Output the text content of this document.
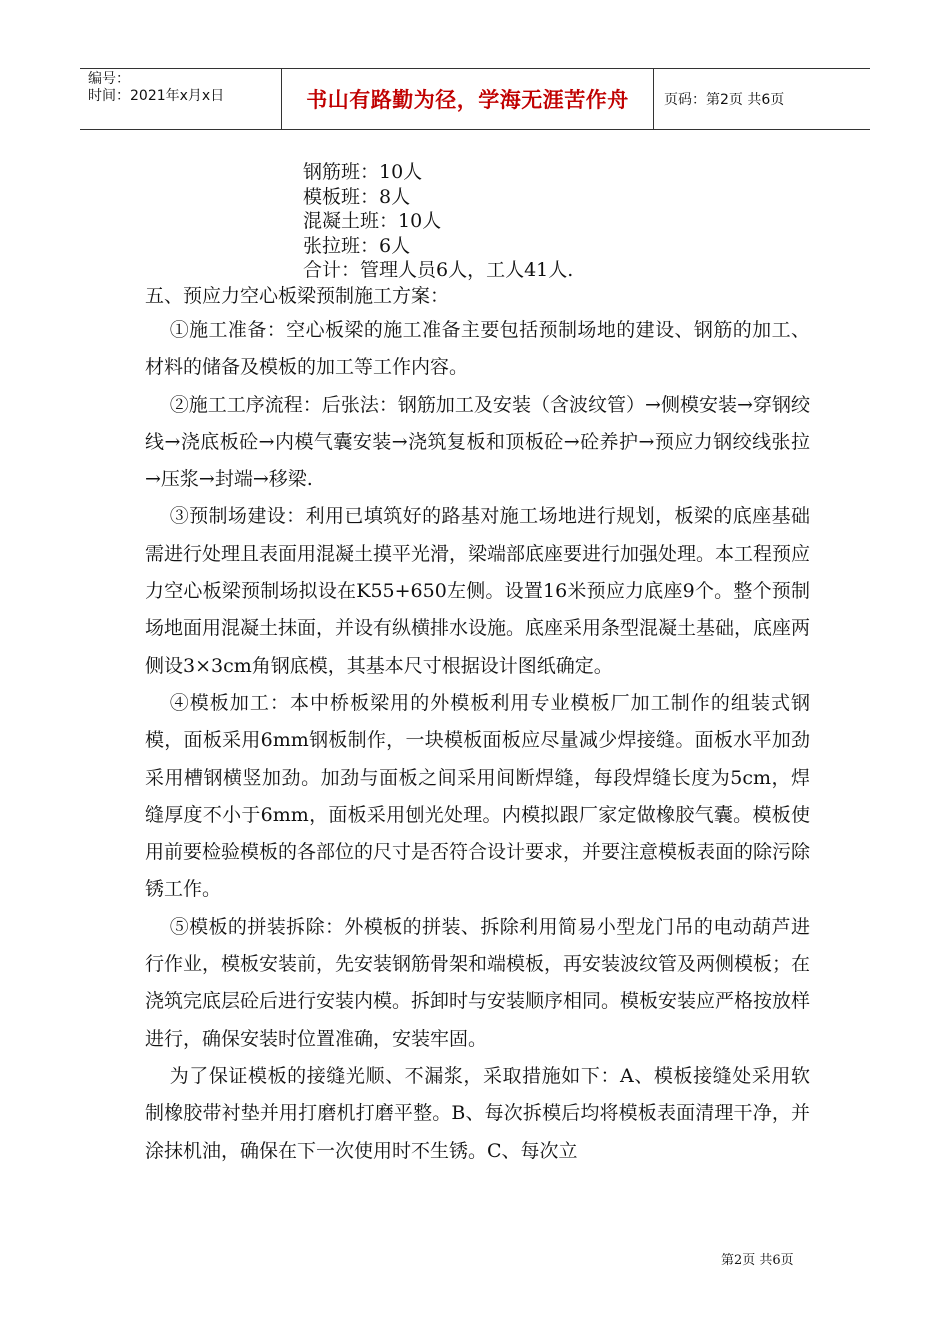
编号：
时间：2021年x月x日	书山有路勤为径，学海无涯苦作舟	页码：第2页 共6页
钢筋班：10人
模板班：8人
混凝土班：10人
张拉班：6人
合计：管理人员6人，工人41人.
五、预应力空心板梁预制施工方案：

①施工准备：空心板梁的施工准备主要包括预制场地的建设、钢筋的加工、材料的储备及模板的加工等工作内容。

②施工工序流程：后张法：钢筋加工及安装（含波纹管）→侧模安装→穿钢绞线→浇底板砼→内模气囊安装→浇筑复板和顶板砼→砼养护→预应力钢绞线张拉→压浆→封端→移梁.

③预制场建设：利用已填筑好的路基对施工场地进行规划，板梁的底座基础需进行处理且表面用混凝土摸平光滑，梁端部底座要进行加强处理。本工程预应力空心板梁预制场拟设在K55+650左侧。设置16米预应力底座9个。整个预制场地面用混凝土抹面，并设有纵横排水设施。底座采用条型混凝土基础，底座两侧设3×3cm角钢底模，其基本尺寸根据设计图纸确定。

④模板加工：本中桥板梁用的外模板利用专业模板厂加工制作的组装式钢模，面板采用6mm钢板制作，一块模板面板应尽量减少焊接缝。面板水平加劲采用槽钢横竖加劲。加劲与面板之间采用间断焊缝，每段焊缝长度为5cm，焊缝厚度不小于6mm，面板采用刨光处理。内模拟跟厂家定做橡胶气囊。模板使用前要检验模板的各部位的尺寸是否符合设计要求，并要注意模板表面的除污除锈工作。

⑤模板的拼装拆除：外模板的拼装、拆除利用简易小型龙门吊的电动葫芦进行作业，模板安装前，先安装钢筋骨架和端模板，再安装波纹管及两侧模板；在浇筑完底层砼后进行安装内模。拆卸时与安装顺序相同。模板安装应严格按放样进行，确保安装时位置准确，安装牢固。

为了保证模板的接缝光顺、不漏浆，采取措施如下：A、模板接缝处采用软制橡胶带衬垫并用打磨机打磨平整。B、每次拆模后均将模板表面清理干净，并涂抹机油，确保在下一次使用时不生锈。C、每次立

第2页 共6页
